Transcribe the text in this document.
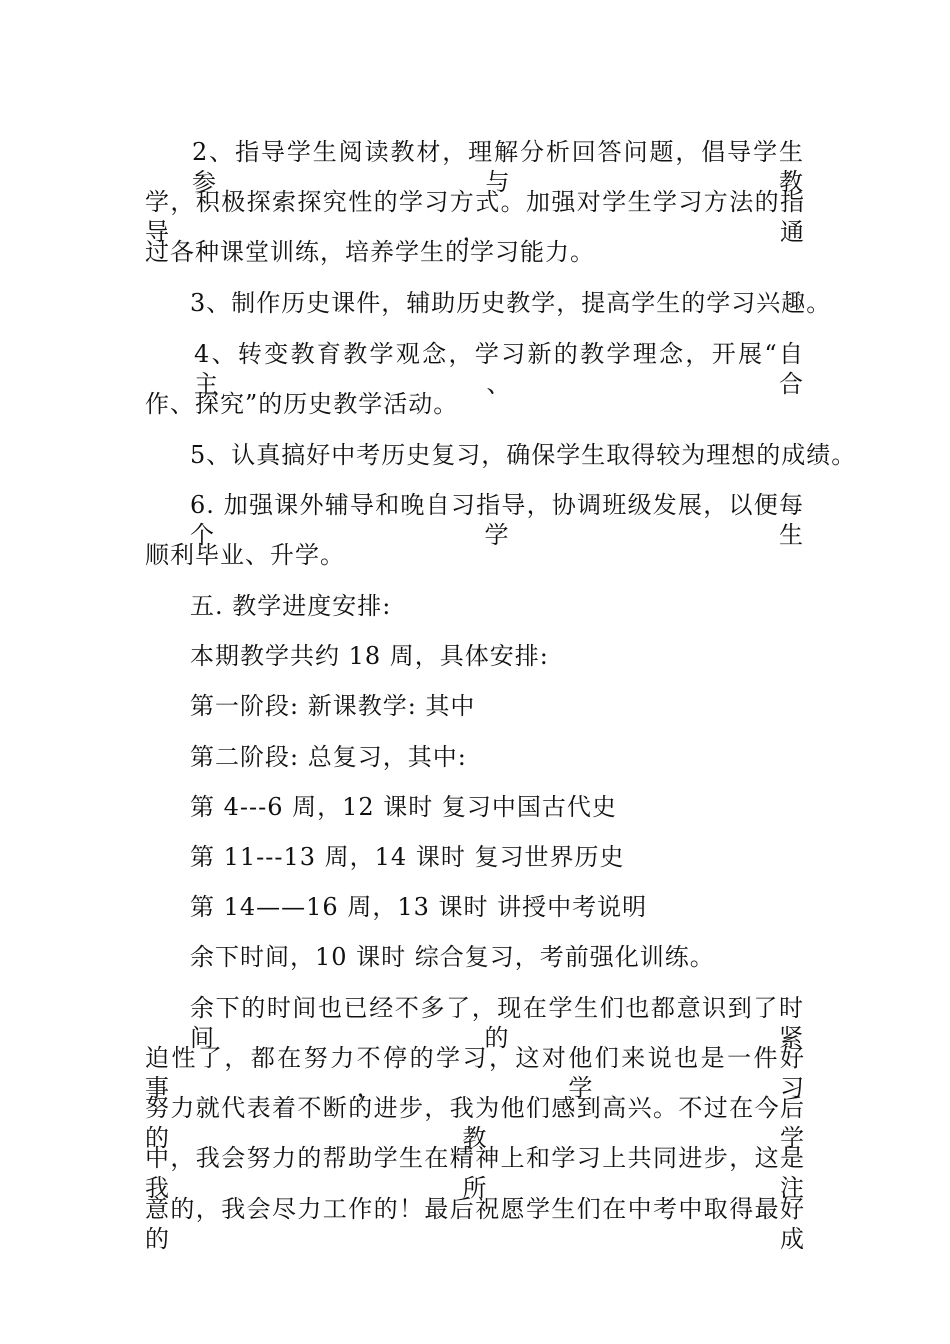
2、指导学生阅读教材，理解分析回答问题，倡导学生参与教
学，积极探索探究性的学习方式。加强对学生学习方法的指导，通
过各种课堂训练，培养学生的学习能力。
3、制作历史课件，辅助历史教学，提高学生的学习兴趣。
4、转变教育教学观念，学习新的教学理念，开展“自主、合
作、探究”的历史教学活动。
5、认真搞好中考历史复习，确保学生取得较为理想的成绩。
6. 加强课外辅导和晚自习指导，协调班级发展，以便每个学生
顺利毕业、升学。
五. 教学进度安排:
本期教学共约 18 周，具体安排:
第一阶段: 新课教学: 其中
第二阶段: 总复习，其中:
第 4---6 周，12 课时 复习中国古代史
第 11---13 周，14 课时 复习世界历史
第 14——16 周，13 课时 讲授中考说明
余下时间，10 课时 综合复习，考前强化训练。
余下的时间也已经不多了，现在学生们也都意识到了时间的紧
迫性了，都在努力不停的学习，这对他们来说也是一件好事，学习
努力就代表着不断的进步，我为他们感到高兴。不过在今后的教学
中，我会努力的帮助学生在精神上和学习上共同进步，这是我所注
意的，我会尽力工作的！最后祝愿学生们在中考中取得最好的成
